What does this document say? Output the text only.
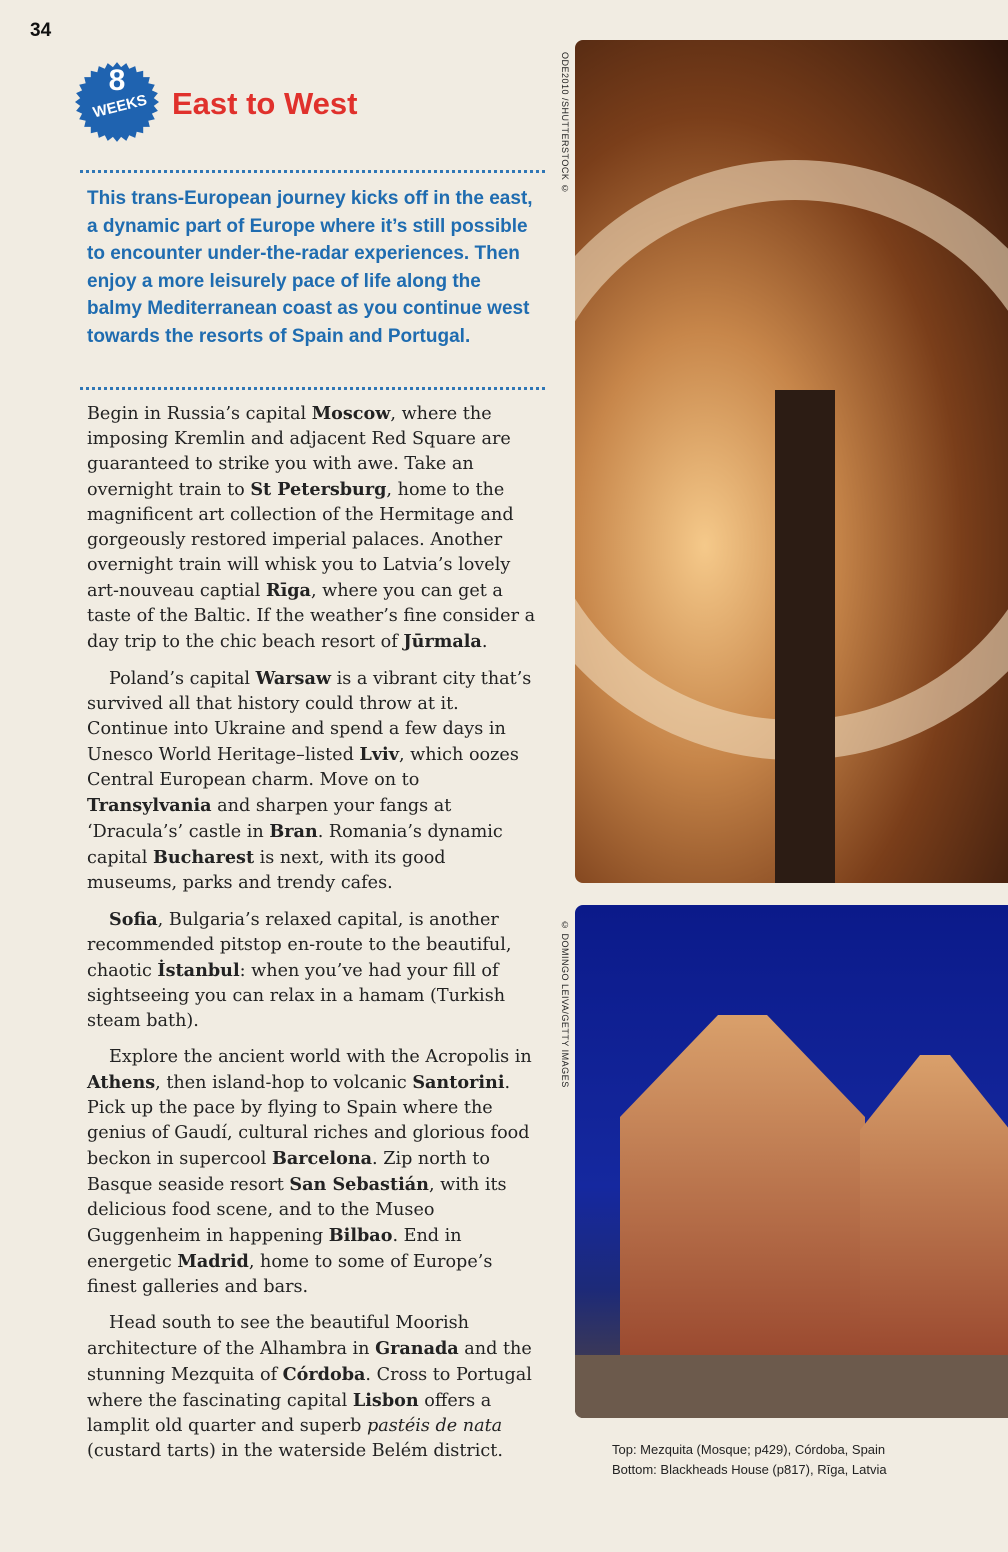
34
8
WEEKS East to West
This trans-European journey kicks off in the east, a dynamic part of Europe where it’s still possible to encounter under-the-radar experiences. Then enjoy a more leisurely pace of life along the balmy Mediterranean coast as you continue west towards the resorts of Spain and Portugal.

Begin in Russia’s capital Moscow, where the imposing Kremlin and adjacent Red Square are guaranteed to strike you with awe. Take an overnight train to St Petersburg, home to the magnificent art collection of the Hermitage and gorgeously restored imperial palaces. Another overnight train will whisk you to Latvia’s lovely art-nouveau captial Rīga, where you can get a taste of the Baltic. If the weather’s fine consider a day trip to the chic beach resort of Jūrmala.

Poland’s capital Warsaw is a vibrant city that’s survived all that history could throw at it. Continue into Ukraine and spend a few days in Unesco World Heritage–listed Lviv, which oozes Central European charm. Move on to Transylvania and sharpen your fangs at ‘Dracula’s’ castle in Bran. Romania’s dynamic capital Bucharest is next, with its good museums, parks and trendy cafes.

Sofia, Bulgaria’s relaxed capital, is another recommended pitstop en-route to the beautiful, chaotic İstanbul: when you’ve had your fill of sightseeing you can relax in a hamam (Turkish steam bath).

Explore the ancient world with the Acropolis in Athens, then island-hop to volcanic Santorini. Pick up the pace by flying to Spain where the genius of Gaudí, cultural riches and glorious food beckon in supercool Barcelona. Zip north to Basque seaside resort San Sebastián, with its delicious food scene, and to the Museo Guggenheim in happening Bilbao. End in energetic Madrid, home to some of Europe’s finest galleries and bars.

Head south to see the beautiful Moorish architecture of the Alhambra in Granada and the stunning Mezquita of Córdoba. Cross to Portugal where the fascinating capital Lisbon offers a lamplit old quarter and superb pastéis de nata (custard tarts) in the waterside Belém district.

ODE2010 /SHUTTERSTOCK ©
© DOMINGO LEIVA/GETTY IMAGES
Top: Mezquita (Mosque; p429), Córdoba, Spain
Bottom: Blackheads House (p817), Rīga, Latvia
